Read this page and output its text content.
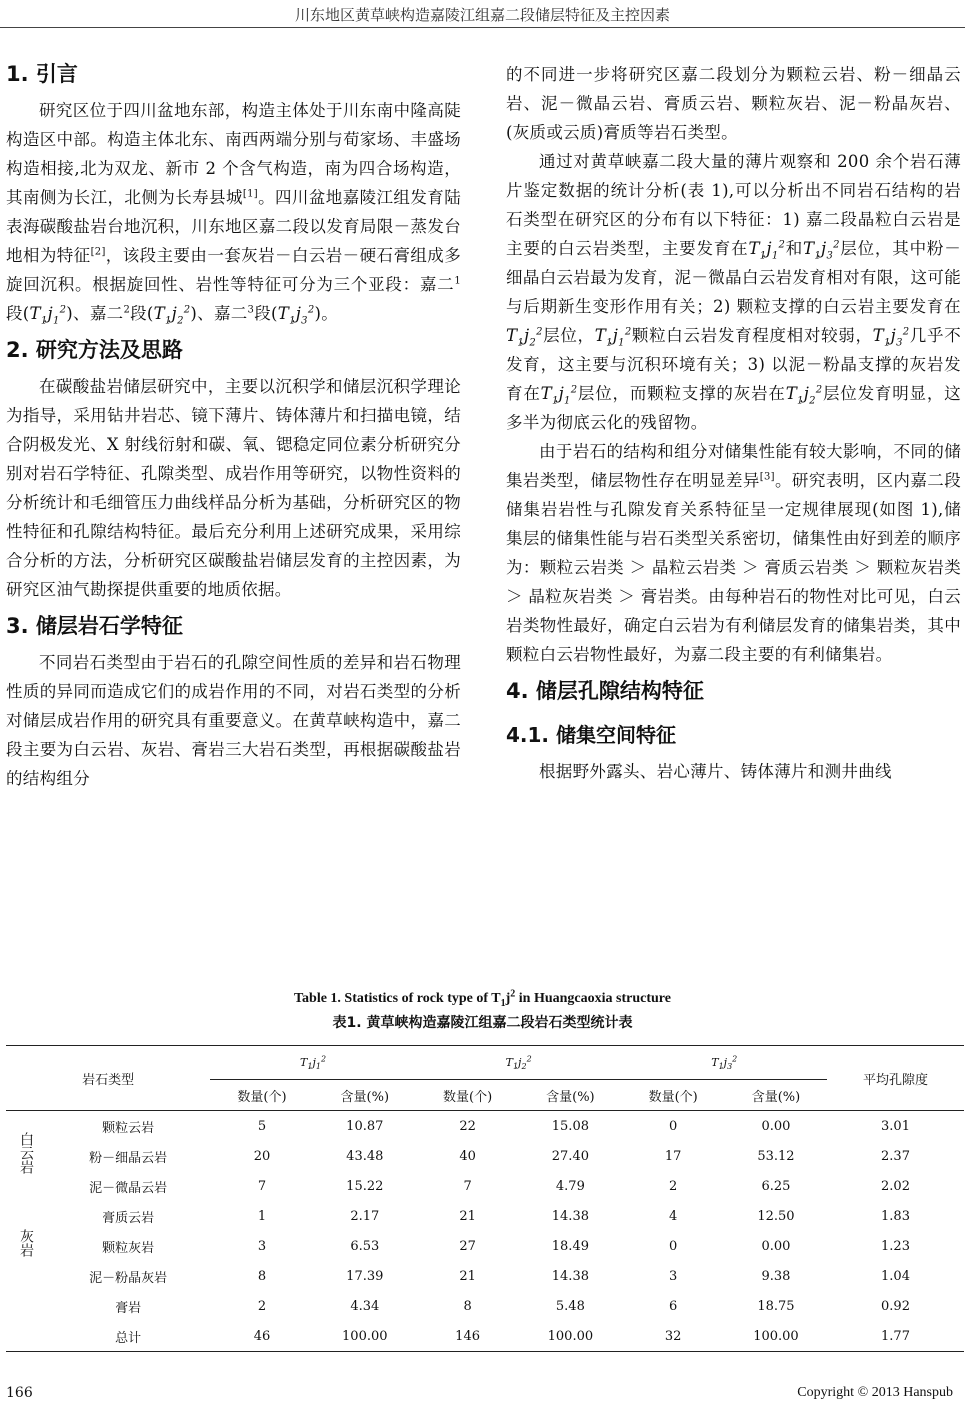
川东地区黄草峡构造嘉陵江组嘉二段储层特征及主控因素
1. 引言

研究区位于四川盆地东部，构造主体处于川东南中隆高陡构造区中部。构造主体北东、南西两端分别与荀家场、丰盛场构造相接,北为双龙、新市 2 个含气构造，南为四合场构造，其南侧为长江，北侧为长寿县城[1]。四川盆地嘉陵江组发育陆表海碳酸盐岩台地沉积，川东地区嘉二段以发育局限－蒸发台地相为特征[2]，该段主要由一套灰岩－白云岩－硬石膏组成多旋回沉积。根据旋回性、岩性等特征可分为三个亚段：嘉二$^1$段$(T_1j_1^2)$、嘉二$^2$段$(T_1j_2^2)$、嘉二$^3$段$(T_1j_3^2)$。

2. 研究方法及思路

在碳酸盐岩储层研究中，主要以沉积学和储层沉积学理论为指导，采用钻井岩芯、镜下薄片、铸体薄片和扫描电镜，结合阴极发光、X 射线衍射和碳、氧、锶稳定同位素分析研究分别对岩石学特征、孔隙类型、成岩作用等研究，以物性资料的分析统计和毛细管压力曲线样品分析为基础，分析研究区的物性特征和孔隙结构特征。最后充分利用上述研究成果，采用综合分析的方法，分析研究区碳酸盐岩储层发育的主控因素，为研究区油气勘探提供重要的地质依据。

3. 储层岩石学特征

不同岩石类型由于岩石的孔隙空间性质的差异和岩石物理性质的异同而造成它们的成岩作用的不同，对岩石类型的分析对储层成岩作用的研究具有重要意义。在黄草峡构造中，嘉二段主要为白云岩、灰岩、膏岩三大岩石类型，再根据碳酸盐岩的结构组分

的不同进一步将研究区嘉二段划分为颗粒云岩、粉－细晶云岩、泥－微晶云岩、膏质云岩、颗粒灰岩、泥－粉晶灰岩、(灰质或云质)膏质等岩石类型。

通过对黄草峡嘉二段大量的薄片观察和 200 余个岩石薄片鉴定数据的统计分析(表 1),可以分析出不同岩石结构的岩石类型在研究区的分布有以下特征：1) 嘉二段晶粒白云岩是主要的白云岩类型，主要发育在$T_1j_1^2$和$T_1j_3^2$层位，其中粉－细晶白云岩最为发育，泥－微晶白云岩发育相对有限，这可能与后期新生变形作用有关；2) 颗粒支撑的白云岩主要发育在$T_1j_2^2$层位，$T_1j_1^2$颗粒白云岩发育程度相对较弱，$T_1j_3^2$几乎不发育，这主要与沉积环境有关；3) 以泥－粉晶支撑的灰岩发育在$T_1j_1^2$层位，而颗粒支撑的灰岩在$T_1j_2^2$层位发育明显，这多半为彻底云化的残留物。

由于岩石的结构和组分对储集性能有较大影响，不同的储集岩类型，储层物性存在明显差异[3]。研究表明，区内嘉二段储集岩岩性与孔隙发育关系特征呈一定规律展现(如图 1),储集层的储集性能与岩石类型关系密切，储集性由好到差的顺序为：颗粒云岩类 ＞ 晶粒云岩类 ＞ 膏质云岩类 ＞ 颗粒灰岩类 ＞ 晶粒灰岩类 ＞ 膏岩类。由每种岩石的物性对比可见，白云岩类物性最好，确定白云岩为有利储层发育的储集岩类，其中颗粒白云岩物性最好，为嘉二段主要的有利储集岩。

4. 储层孔隙结构特征
4.1. 储集空间特征

根据野外露头、岩心薄片、铸体薄片和测井曲线

Table 1. Statistics of rock type of $T_1j^2$ in Huangcaoxia structure
表1. 黄草峡构造嘉陵江组嘉二段岩石类型统计表
岩石类型		$T_1j_1^2$		$T_1j_2^2$		$T_1j_3^2$		平均孔隙度
		数量(个)	含量(%)	数量(个)	含量(%)	数量(个)	含量(%)	
白云岩	颗粒云岩	5	10.87	22	15.08	0	0.00	3.01
	粉－细晶云岩	20	43.48	40	27.40	17	53.12	2.37
	泥－微晶云岩	7	15.22	7	4.79	2	6.25	2.02
灰岩	膏质云岩	1	2.17	21	14.38	4	12.50	1.83
	颗粒灰岩	3	6.53	27	18.49	0	0.00	1.23
	泥－粉晶灰岩	8	17.39	21	14.38	3	9.38	1.04
	膏岩	2	4.34	8	5.48	6	18.75	0.92
	总计	46	100.00	146	100.00	32	100.00	1.77
166	Copyright © 2013 Hanspub
